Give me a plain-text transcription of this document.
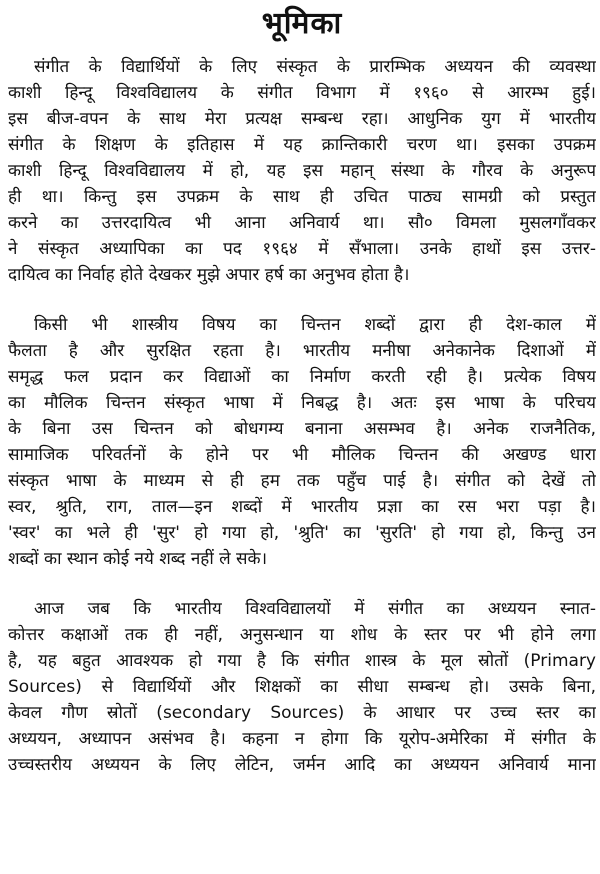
भूमिका
संगीत के विद्यार्थियों के लिए संस्कृत के प्रारम्भिक अध्ययन की व्यवस्था
काशी हिन्दू विश्वविद्यालय के संगीत विभाग में १९६० से आरम्भ हुई।
इस बीज-वपन के साथ मेरा प्रत्यक्ष सम्बन्ध रहा। आधुनिक युग में भारतीय
संगीत के शिक्षण के इतिहास में यह क्रान्तिकारी चरण था। इसका उपक्रम
काशी हिन्दू विश्वविद्यालय में हो, यह इस महान् संस्था के गौरव के अनुरूप
ही था। किन्तु इस उपक्रम के साथ ही उचित पाठ्य सामग्री को प्रस्तुत
करने का उत्तरदायित्व भी आना अनिवार्य था। सौ० विमला मुसलगाँवकर
ने संस्कृत अध्यापिका का पद १९६४ में सँभाला। उनके हाथों इस उत्तर-
दायित्व का निर्वाह होते देखकर मुझे अपार हर्ष का अनुभव होता है।
किसी भी शास्त्रीय विषय का चिन्तन शब्दों द्वारा ही देश-काल में
फैलता है और सुरक्षित रहता है। भारतीय मनीषा अनेकानेक दिशाओं में
समृद्ध फल प्रदान कर विद्याओं का निर्माण करती रही है। प्रत्येक विषय
का मौलिक चिन्तन संस्कृत भाषा में निबद्ध है। अतः इस भाषा के परिचय
के बिना उस चिन्तन को बोधगम्य बनाना असम्भव है। अनेक राजनैतिक,
सामाजिक परिवर्तनों के होने पर भी मौलिक चिन्तन की अखण्ड धारा
संस्कृत भाषा के माध्यम से ही हम तक पहुँच पाई है। संगीत को देखें तो
स्वर, श्रुति, राग, ताल—इन शब्दों में भारतीय प्रज्ञा का रस भरा पड़ा है।
'स्वर' का भले ही 'सुर' हो गया हो, 'श्रुति' का 'सुरति' हो गया हो, किन्तु उन
शब्दों का स्थान कोई नये शब्द नहीं ले सके।
आज जब कि भारतीय विश्वविद्यालयों में संगीत का अध्ययन स्नात-
कोत्तर कक्षाओं तक ही नहीं, अनुसन्धान या शोध के स्तर पर भी होने लगा
है, यह बहुत आवश्यक हो गया है कि संगीत शास्त्र के मूल स्रोतों (Primary
Sources) से विद्यार्थियों और शिक्षकों का सीधा सम्बन्ध हो। उसके बिना,
केवल गौण स्रोतों (secondary Sources) के आधार पर उच्च स्तर का
अध्ययन, अध्यापन असंभव है। कहना न होगा कि यूरोप-अमेरिका में संगीत के
उच्चस्तरीय अध्ययन के लिए लेटिन, जर्मन आदि का अध्ययन अनिवार्य माना
